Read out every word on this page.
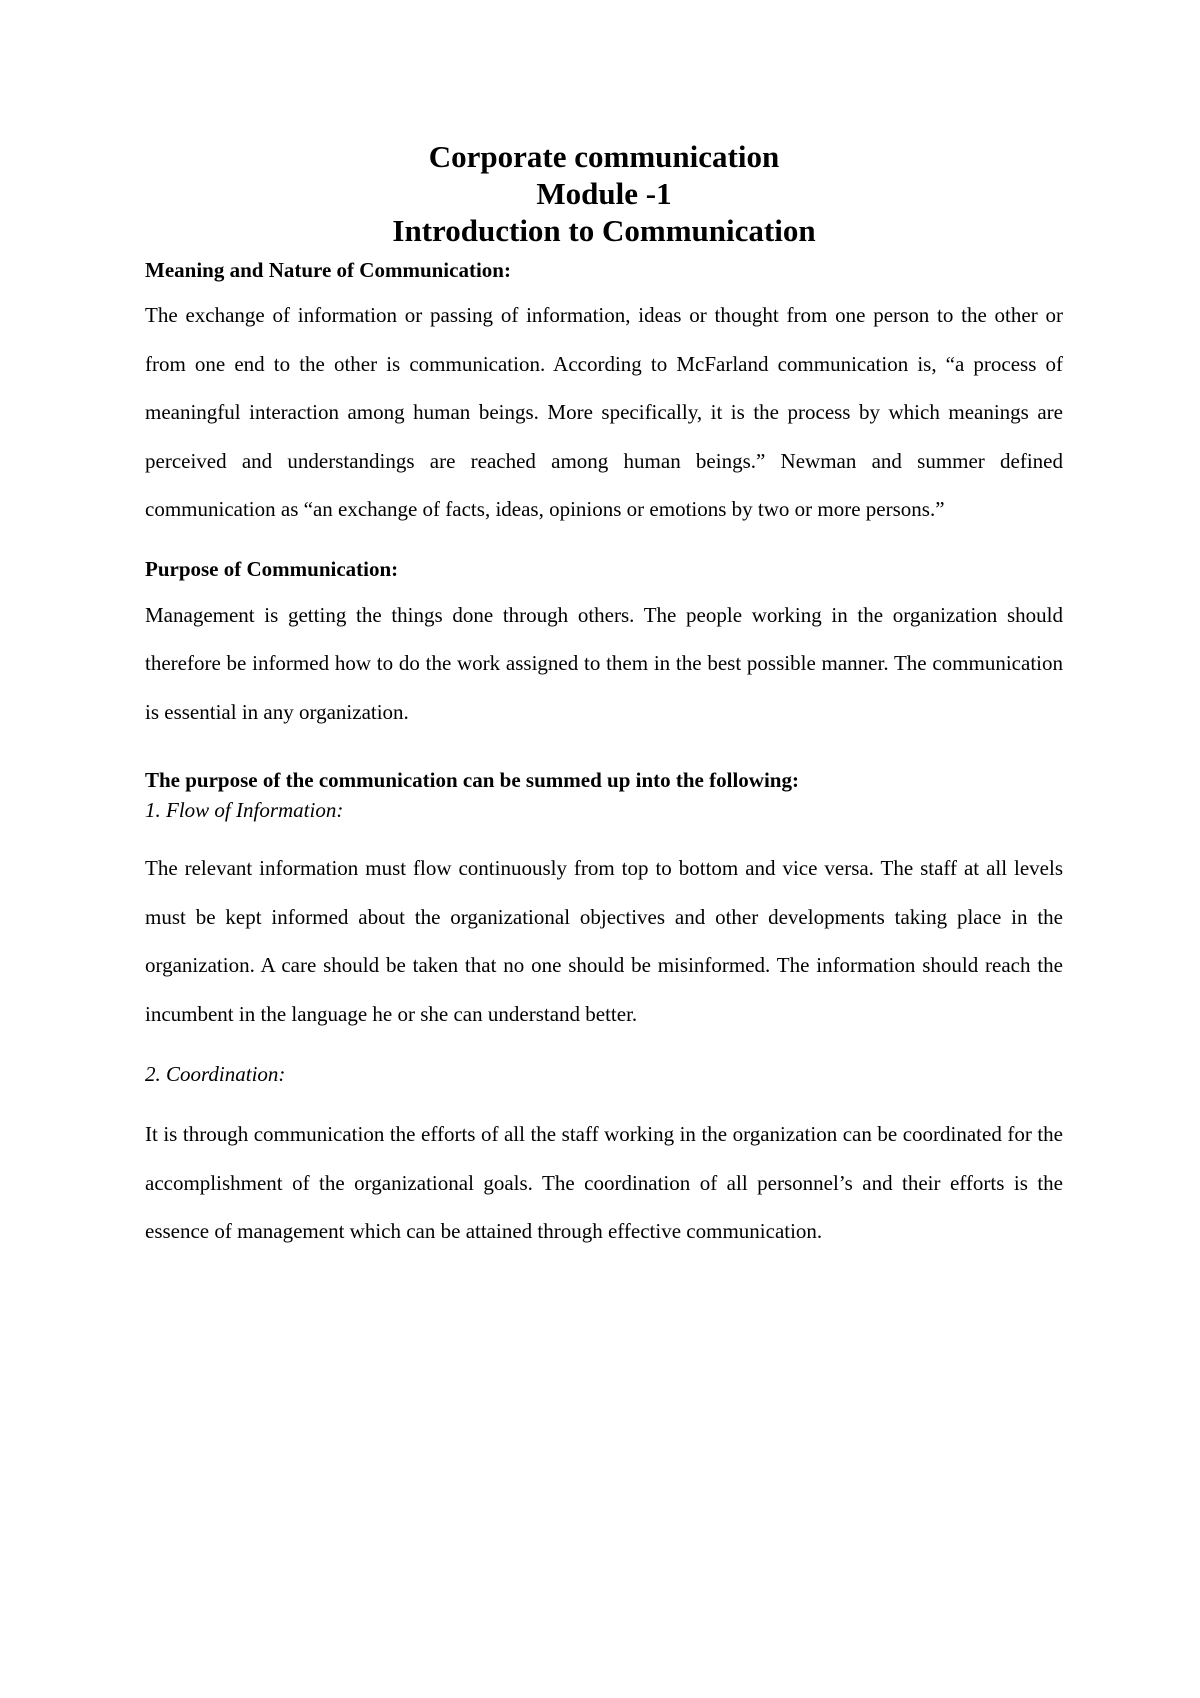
Corporate communication
Module -1
Introduction to Communication

Meaning and Nature of Communication:

The exchange of information or passing of information, ideas or thought from one person to the other or from one end to the other is communication. According to McFarland communication is, “a process of meaningful interaction among human beings. More specifically, it is the process by which meanings are perceived and understandings are reached among human beings.” Newman and summer defined communication as “an exchange of facts, ideas, opinions or emotions by two or more persons.”

Purpose of Communication:

Management is getting the things done through others. The people working in the organization should therefore be informed how to do the work assigned to them in the best possible manner. The communication is essential in any organization.

The purpose of the communication can be summed up into the following:

1. Flow of Information:

The relevant information must flow continuously from top to bottom and vice versa. The staff at all levels must be kept informed about the organizational objectives and other developments taking place in the organization. A care should be taken that no one should be misinformed. The information should reach the incumbent in the language he or she can understand better.

2. Coordination:

It is through communication the efforts of all the staff working in the organization can be coordinated for the accomplishment of the organizational goals. The coordination of all personnel’s and their efforts is the essence of management which can be attained through effective communication.
